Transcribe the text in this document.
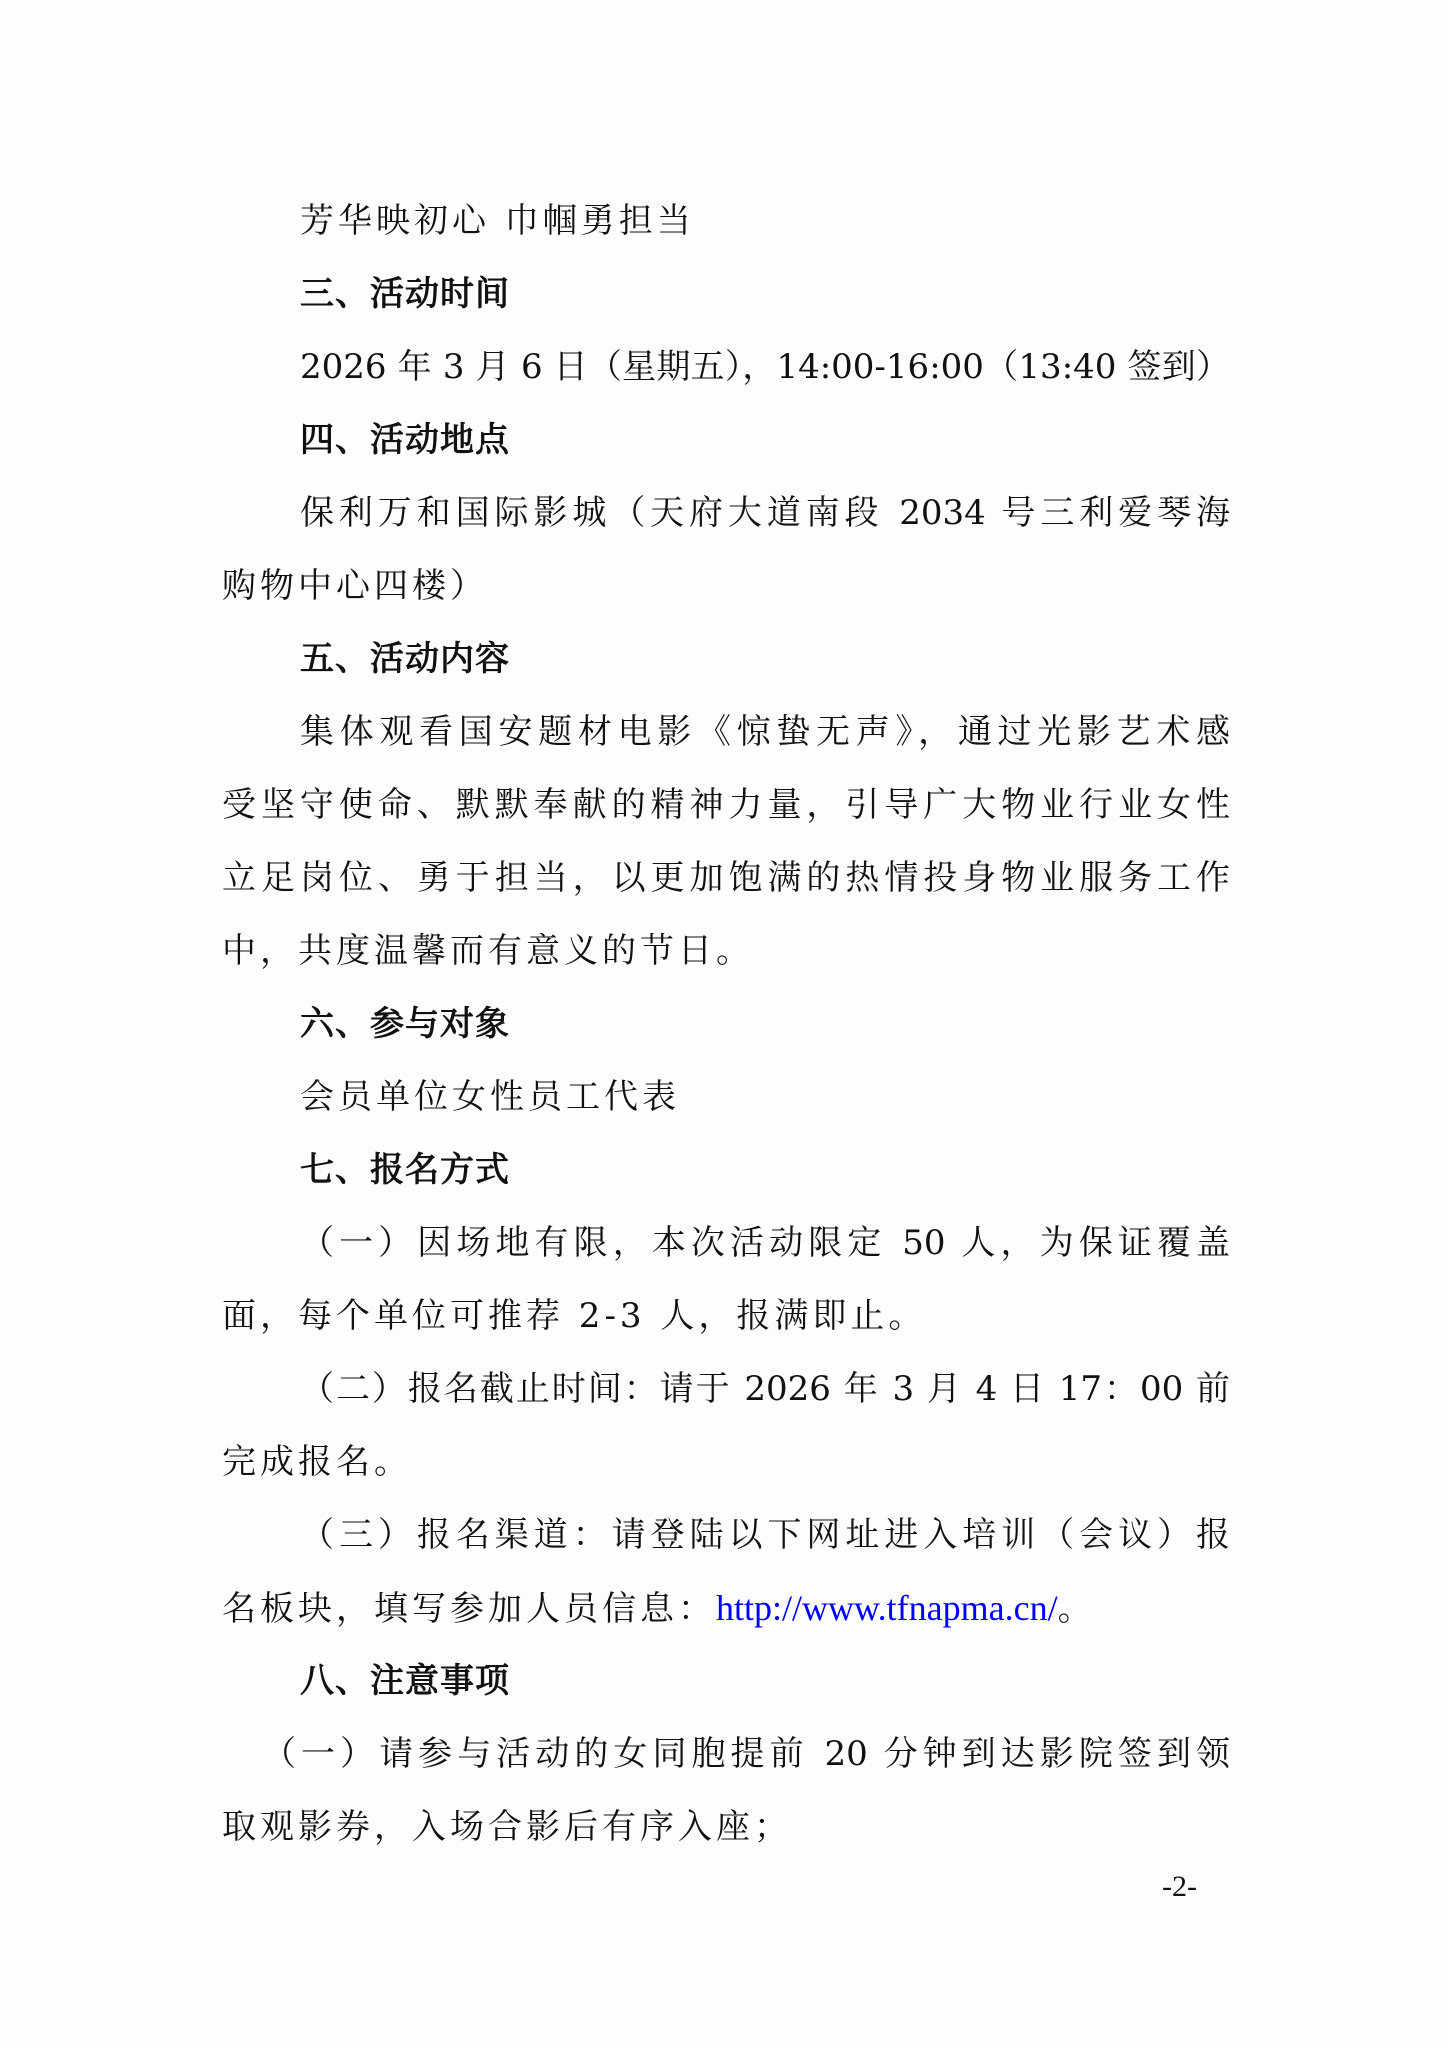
芳华映初心 巾帼勇担当
三、活动时间
2026 年 3 月 6 日（星期五），14:00-16:00（13:40 签到）
四、活动地点
保利万和国际影城（天府大道南段 2034 号三利爱琴海
购物中心四楼）
五、活动内容
集体观看国安题材电影《惊蛰无声》，通过光影艺术感
受坚守使命、默默奉献的精神力量，引导广大物业行业女性
立足岗位、勇于担当，以更加饱满的热情投身物业服务工作
中，共度温馨而有意义的节日。
六、参与对象
会员单位女性员工代表
七、报名方式
（一）因场地有限，本次活动限定 50 人，为保证覆盖
面，每个单位可推荐 2-3 人，报满即止。
（二）报名截止时间：请于 2026 年 3 月 4 日 17：00 前
完成报名。
（三）报名渠道：请登陆以下网址进入培训（会议）报
名板块，填写参加人员信息：http://www.tfnapma.cn/。
八、注意事项
（一）请参与活动的女同胞提前 20 分钟到达影院签到领
取观影券，入场合影后有序入座；
-2-
